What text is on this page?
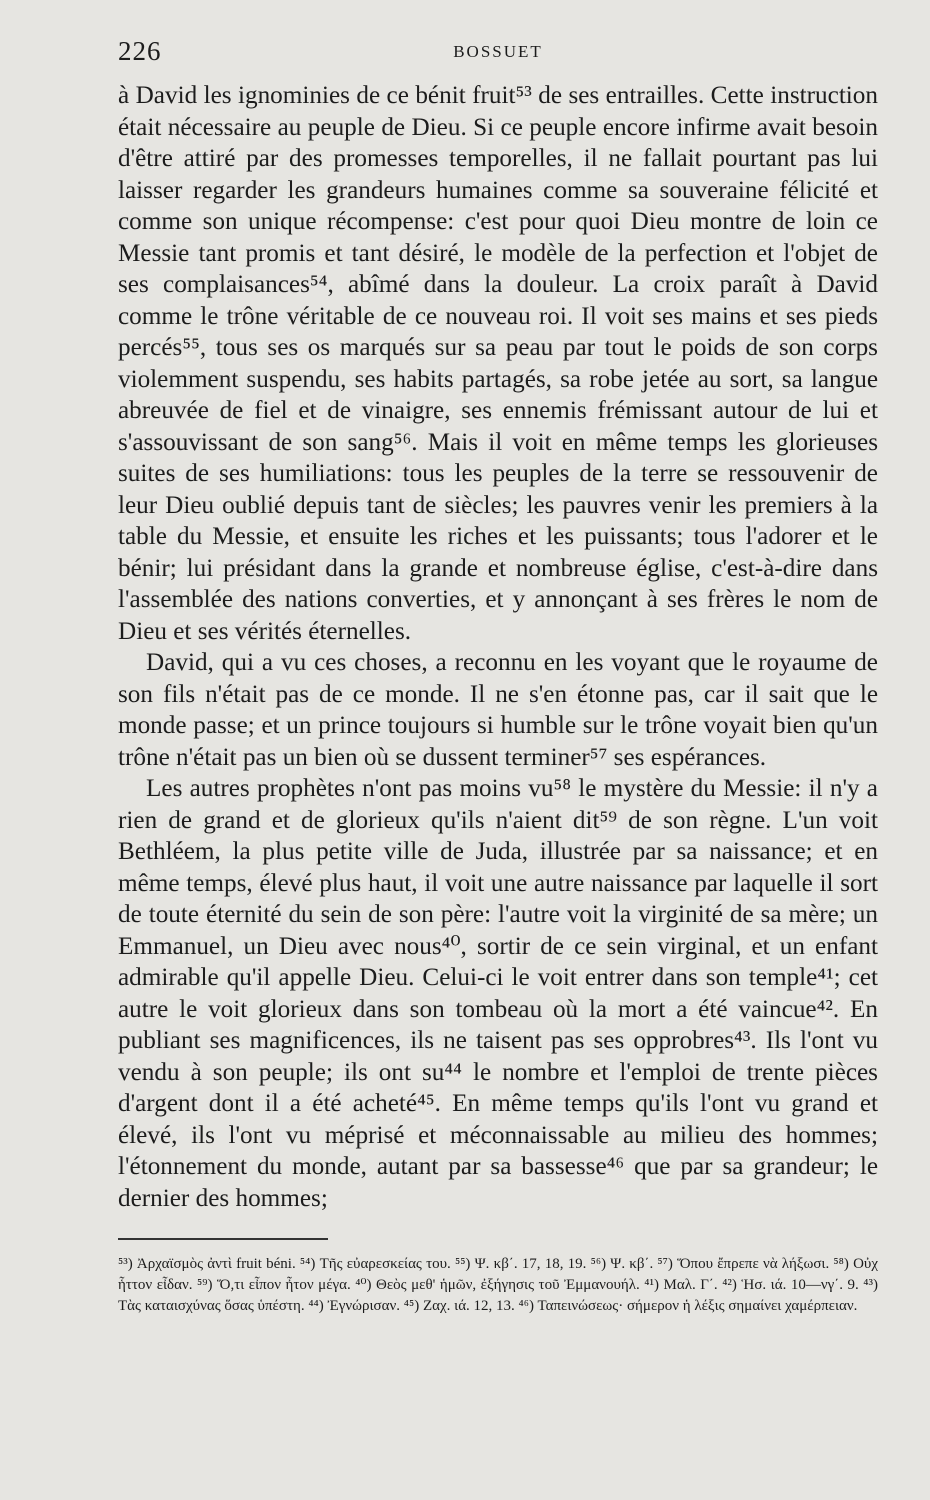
226	BOSSUET

à David les ignominies de ce bénit fruit⁵³ de ses entrailles. Cette instruction était nécessaire au peuple de Dieu. Si ce peuple encore infirme avait besoin d'être attiré par des promesses temporelles, il ne fallait pourtant pas lui laisser regarder les grandeurs humaines comme sa souveraine félicité et comme son unique récompense: c'est pour quoi Dieu montre de loin ce Messie tant promis et tant désiré, le modèle de la perfection et l'objet de ses complaisances⁵⁴, abîmé dans la douleur. La croix paraît à David comme le trône véritable de ce nouveau roi. Il voit ses mains et ses pieds percés⁵⁵, tous ses os marqués sur sa peau par tout le poids de son corps violemment suspendu, ses habits partagés, sa robe jetée au sort, sa langue abreuvée de fiel et de vinaigre, ses ennemis frémissant autour de lui et s'assouvissant de son sang⁵⁶. Mais il voit en même temps les glorieuses suites de ses humiliations: tous les peuples de la terre se ressouvenir de leur Dieu oublié depuis tant de siècles; les pauvres venir les premiers à la table du Messie, et ensuite les riches et les puissants; tous l'adorer et le bénir; lui présidant dans la grande et nombreuse église, c'est-à-dire dans l'assemblée des nations converties, et y annonçant à ses frères le nom de Dieu et ses vérités éternelles.

David, qui a vu ces choses, a reconnu en les voyant que le royaume de son fils n'était pas de ce monde. Il ne s'en étonne pas, car il sait que le monde passe; et un prince toujours si humble sur le trône voyait bien qu'un trône n'était pas un bien où se dussent terminer⁵⁷ ses espérances.

Les autres prophètes n'ont pas moins vu⁵⁸ le mystère du Messie: il n'y a rien de grand et de glorieux qu'ils n'aient dit⁵⁹ de son règne. L'un voit Bethléem, la plus petite ville de Juda, illustrée par sa naissance; et en même temps, élevé plus haut, il voit une autre naissance par laquelle il sort de toute éternité du sein de son père: l'autre voit la virginité de sa mère; un Emmanuel, un Dieu avec nous⁴⁰, sortir de ce sein virginal, et un enfant admirable qu'il appelle Dieu. Celui-ci le voit entrer dans son temple⁴¹; cet autre le voit glorieux dans son tombeau où la mort a été vaincue⁴². En publiant ses magnificences, ils ne taisent pas ses opprobres⁴³. Ils l'ont vu vendu à son peuple; ils ont su⁴⁴ le nombre et l'emploi de trente pièces d'argent dont il a été acheté⁴⁵. En même temps qu'ils l'ont vu grand et élevé, ils l'ont vu méprisé et méconnaissable au milieu des hommes; l'étonnement du monde, autant par sa bassesse⁴⁶ que par sa grandeur; le dernier des hommes;

⁵³) Ἀρχαϊσμὸς ἀντὶ fruit béni. ⁵⁴) Τῆς εὐαρεσκείας του. ⁵⁵) Ψ. κβ΄. 17, 18, 19. ⁵⁶) Ψ. κβ΄. ⁵⁷) Ὅπου ἔπρεπε νὰ λήξωσι. ⁵⁸) Οὐχ ἧττον εἶδαν. ⁵⁹) Ὅ,τι εἶπον ἦτον μέγα. ⁴⁰) Θεὸς μεθ' ἡμῶν, ἐξήγησις τοῦ Ἐμμανουήλ. ⁴¹) Μαλ. Γ΄. ⁴²) Ἡσ. ιά. 10—νγ΄. 9. ⁴³) Τὰς καταισχύνας ὅσας ὑπέστη. ⁴⁴) Ἐγνώρισαν. ⁴⁵) Ζαχ. ιά. 12, 13. ⁴⁶) Ταπεινώσεως· σήμερον ἡ λέξις σημαίνει χαμέρπειαν.
